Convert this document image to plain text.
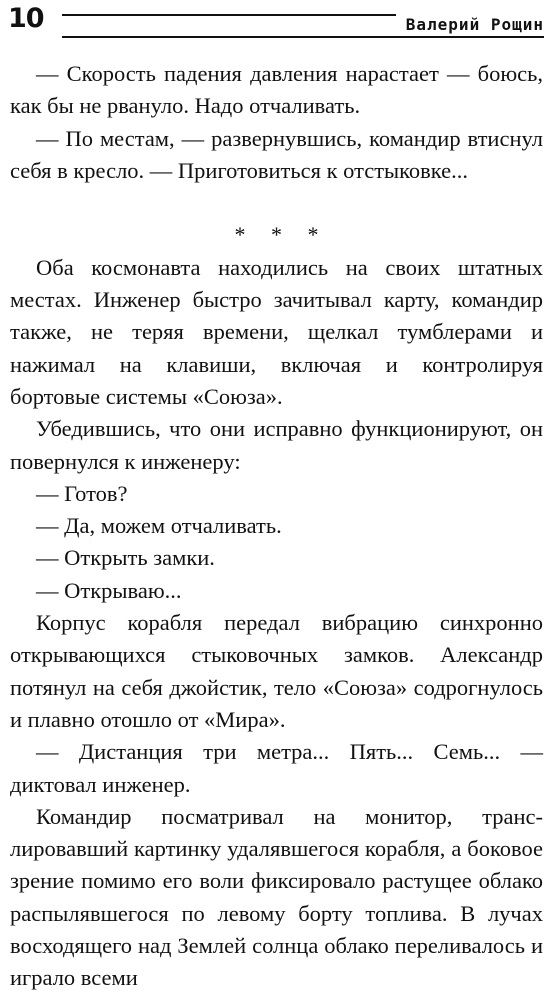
10	Валерий Рощин

— Скорость падения давления нарастает — боюсь, как бы не рвануло. Надо отчаливать.

— По местам, — развернувшись, командир втиснул себя в кресло. — Приготовиться к отстыковке...

* * *

Оба космонавта находились на своих штатных местах. Инженер быстро зачитывал карту, командир также, не теряя времени, щелкал тумблерами и нажимал на клавиши, включая и контролируя бортовые системы «Союза».

Убедившись, что они исправно функционируют, он повернулся к инженеру:

— Готов?

— Да, можем отчаливать.

— Открыть замки.

— Открываю...

Корпус корабля передал вибрацию синхронно открывающихся стыковочных замков. Александр потянул на себя джойстик, тело «Союза» содрогнулось и плавно отошло от «Мира».

— Дистанция три метра... Пять... Семь... — диктовал инженер.

Командир посматривал на монитор, транслировавший картинку удалявшегося корабля, а боковое зрение помимо его воли фиксировало растущее облако распылявшегося по левому борту топлива. В лучах восходящего над Землей солнца облако переливалось и играло всеми
